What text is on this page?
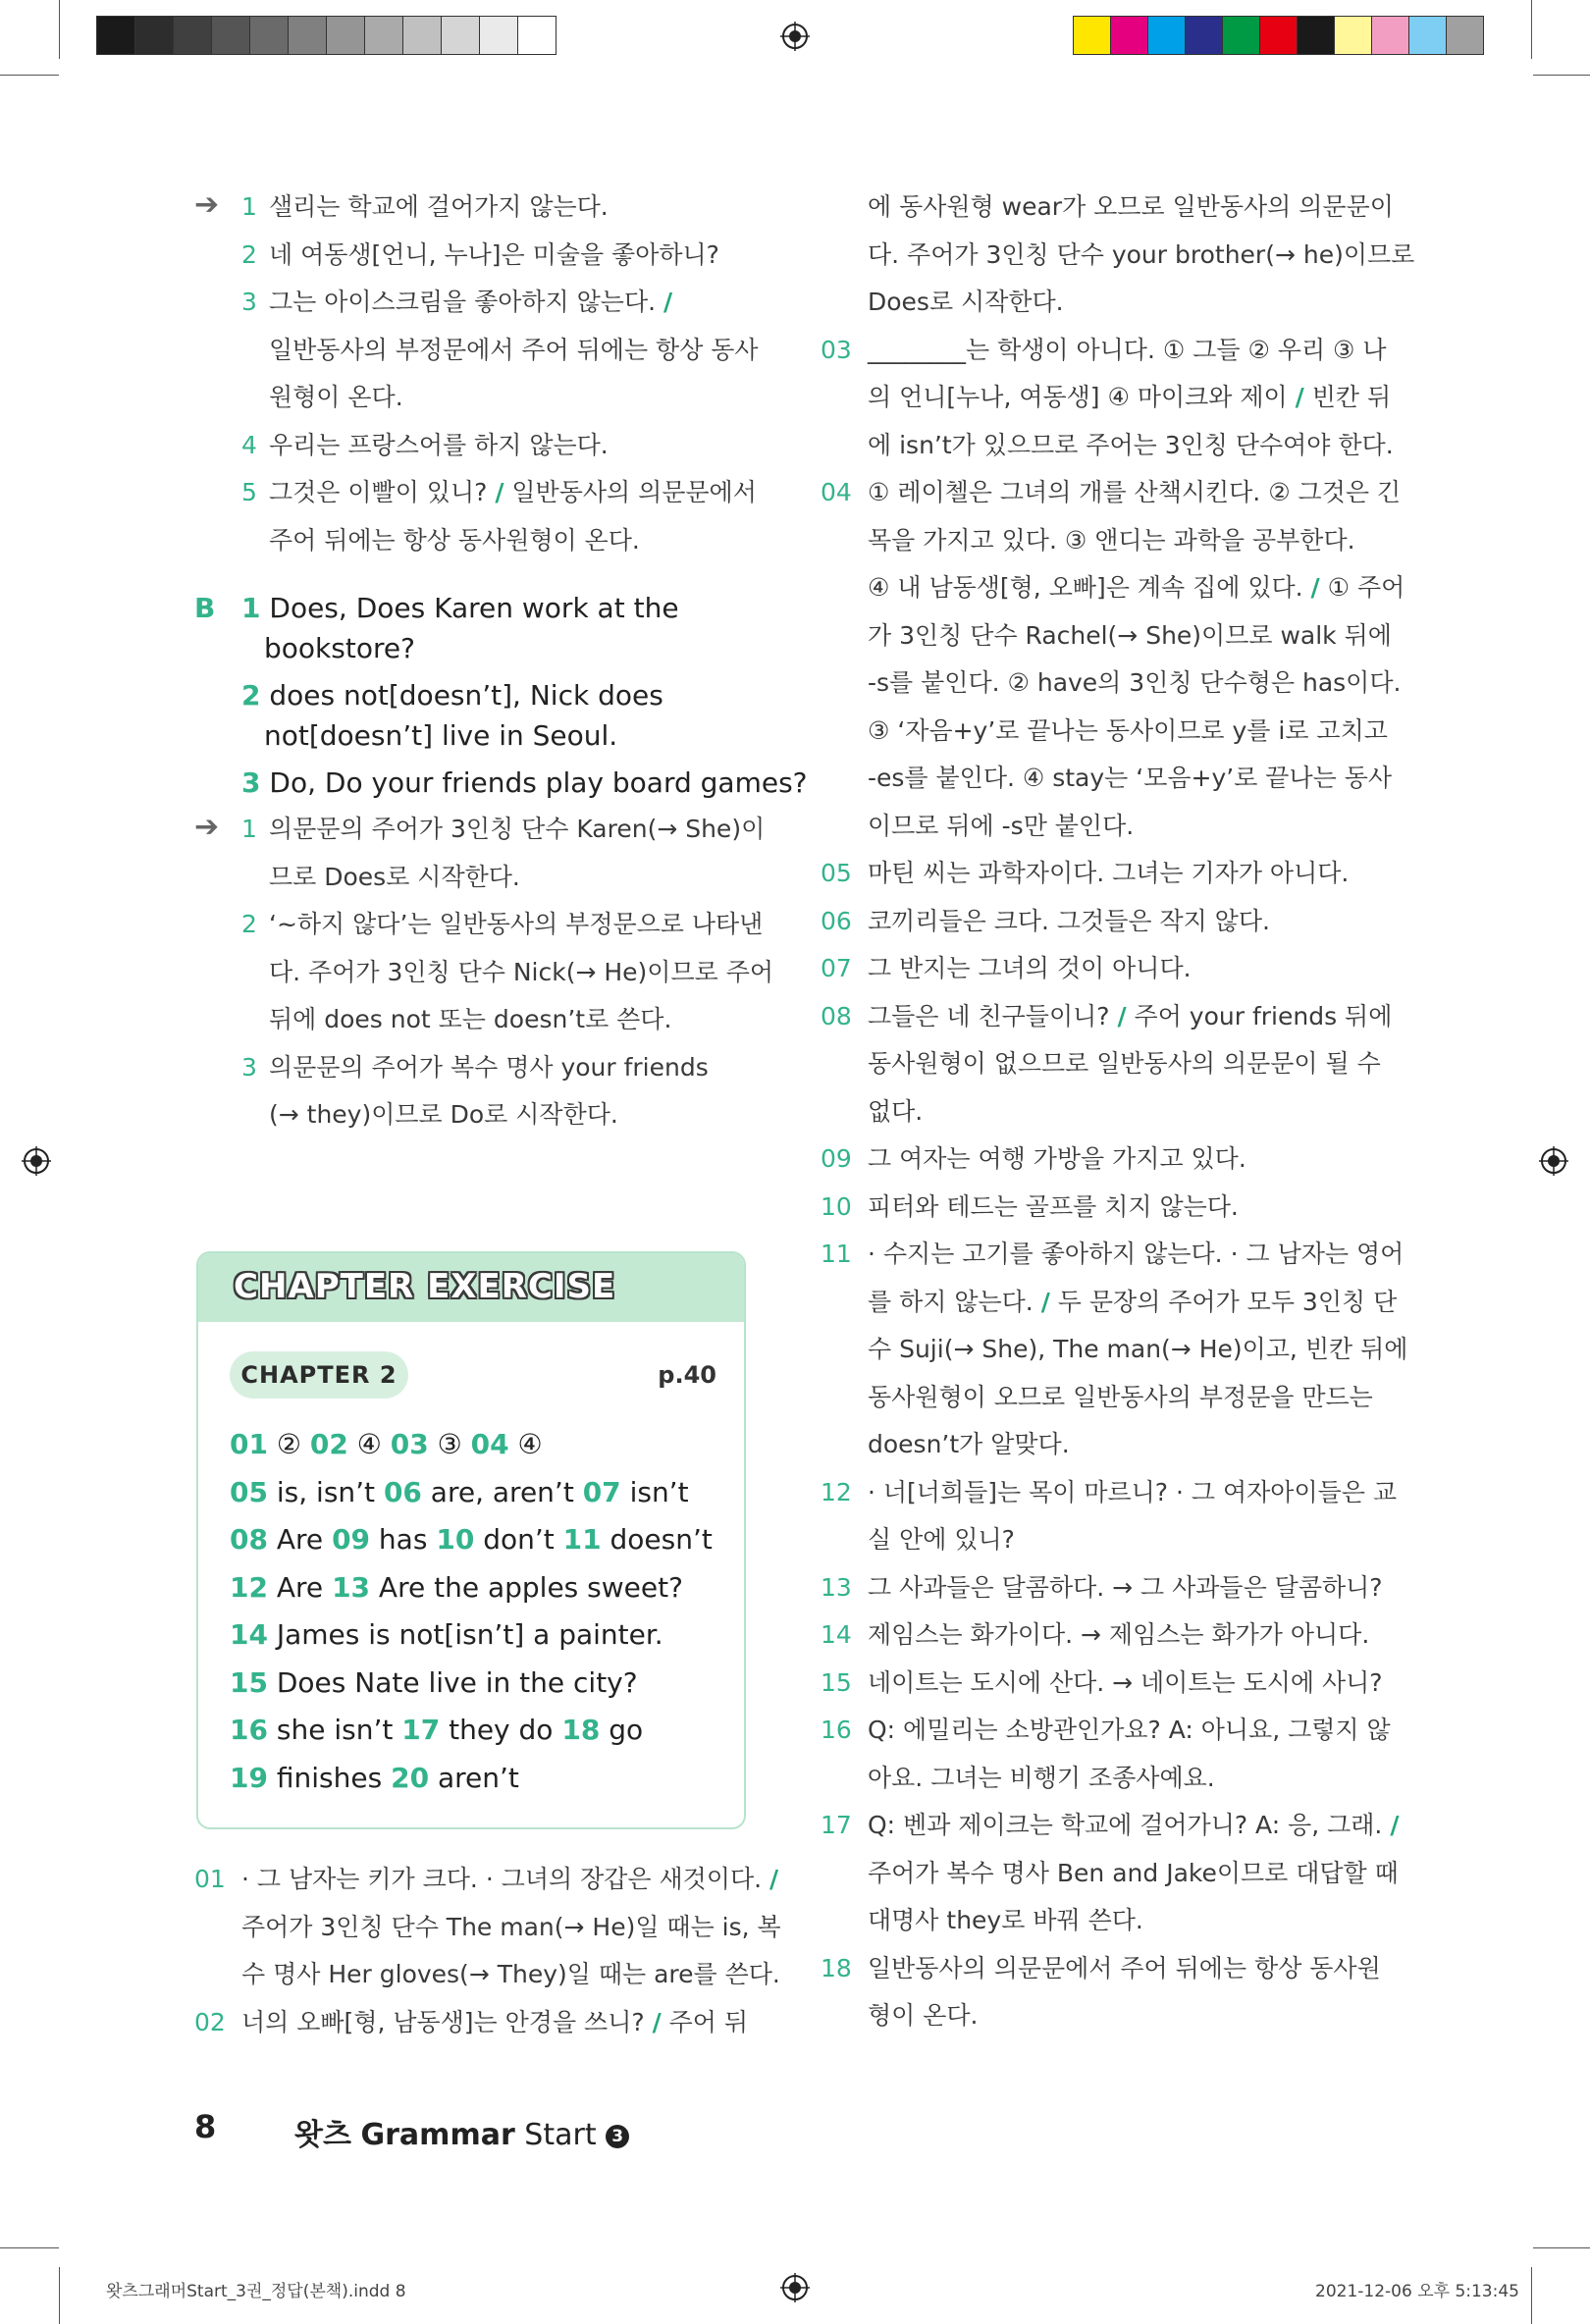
➔ 1 샐리는 학교에 걸어가지 않는다.
2 네 여동생[언니, 누나]은 미술을 좋아하니?
3 그는 아이스크림을 좋아하지 않는다. /
일반동사의 부정문에서 주어 뒤에는 항상 동사
원형이 온다.
4 우리는 프랑스어를 하지 않는다.
5 그것은 이빨이 있니? / 일반동사의 의문문에서
주어 뒤에는 항상 동사원형이 온다.
B 1 Does, Does Karen work at the
bookstore?
2 does not[doesn’t], Nick does
not[doesn’t] live in Seoul.
3 Do, Do your friends play board games?
➔ 1 의문문의 주어가 3인칭 단수 Karen(→ She)이
므로 Does로 시작한다.
2 ‘~하지 않다’는 일반동사의 부정문으로 나타낸
다. 주어가 3인칭 단수 Nick(→ He)이므로 주어
뒤에 does not 또는 doesn’t로 쓴다.
3 의문문의 주어가 복수 명사 your friends
(→ they)이므로 Do로 시작한다.
CHAPTER EXERCISE
CHAPTER 2	p.40
01 ② 02 ④ 03 ③ 04 ④
05 is, isn’t 06 are, aren’t 07 isn’t
08 Are 09 has 10 don’t 11 doesn’t
12 Are 13 Are the apples sweet?
14 James is not[isn’t] a painter.
15 Does Nate live in the city?
16 she isn’t 17 they do 18 go
19 finishes 20 aren’t
01 · 그 남자는 키가 크다. · 그녀의 장갑은 새것이다. /
주어가 3인칭 단수 The man(→ He)일 때는 is, 복
수 명사 Her gloves(→ They)일 때는 are를 쓴다.
02 너의 오빠[형, 남동생]는 안경을 쓰니? / 주어 뒤
에 동사원형 wear가 오므로 일반동사의 의문문이
다. 주어가 3인칭 단수 your brother(→ he)이므로
Does로 시작한다.
03 ________는 학생이 아니다. ① 그들 ② 우리 ③ 나
의 언니[누나, 여동생] ④ 마이크와 제이 / 빈칸 뒤
에 isn’t가 있으므로 주어는 3인칭 단수여야 한다.
04 ① 레이첼은 그녀의 개를 산책시킨다. ② 그것은 긴
목을 가지고 있다. ③ 앤디는 과학을 공부한다.
④ 내 남동생[형, 오빠]은 계속 집에 있다. / ① 주어
가 3인칭 단수 Rachel(→ She)이므로 walk 뒤에
-s를 붙인다. ② have의 3인칭 단수형은 has이다.
③ ‘자음+y’로 끝나는 동사이므로 y를 i로 고치고
-es를 붙인다. ④ stay는 ‘모음+y’로 끝나는 동사
이므로 뒤에 -s만 붙인다.
05 마틴 씨는 과학자이다. 그녀는 기자가 아니다.
06 코끼리들은 크다. 그것들은 작지 않다.
07 그 반지는 그녀의 것이 아니다.
08 그들은 네 친구들이니? / 주어 your friends 뒤에
동사원형이 없으므로 일반동사의 의문문이 될 수
없다.
09 그 여자는 여행 가방을 가지고 있다.
10 피터와 테드는 골프를 치지 않는다.
11 · 수지는 고기를 좋아하지 않는다. · 그 남자는 영어
를 하지 않는다. / 두 문장의 주어가 모두 3인칭 단
수 Suji(→ She), The man(→ He)이고, 빈칸 뒤에
동사원형이 오므로 일반동사의 부정문을 만드는
doesn’t가 알맞다.
12 · 너[너희들]는 목이 마르니? · 그 여자아이들은 교
실 안에 있니?
13 그 사과들은 달콤하다. → 그 사과들은 달콤하니?
14 제임스는 화가이다. → 제임스는 화가가 아니다.
15 네이트는 도시에 산다. → 네이트는 도시에 사니?
16 Q: 에밀리는 소방관인가요? A: 아니요, 그렇지 않
아요. 그녀는 비행기 조종사예요.
17 Q: 벤과 제이크는 학교에 걸어가니? A: 응, 그래. /
주어가 복수 명사 Ben and Jake이므로 대답할 때
대명사 they로 바꿔 쓴다.
18 일반동사의 의문문에서 주어 뒤에는 항상 동사원
형이 온다.
8	왓츠 Grammar Start 3
왓츠그래머Start_3권_정답(본책).indd 8	2021-12-06 오후 5:13:45
